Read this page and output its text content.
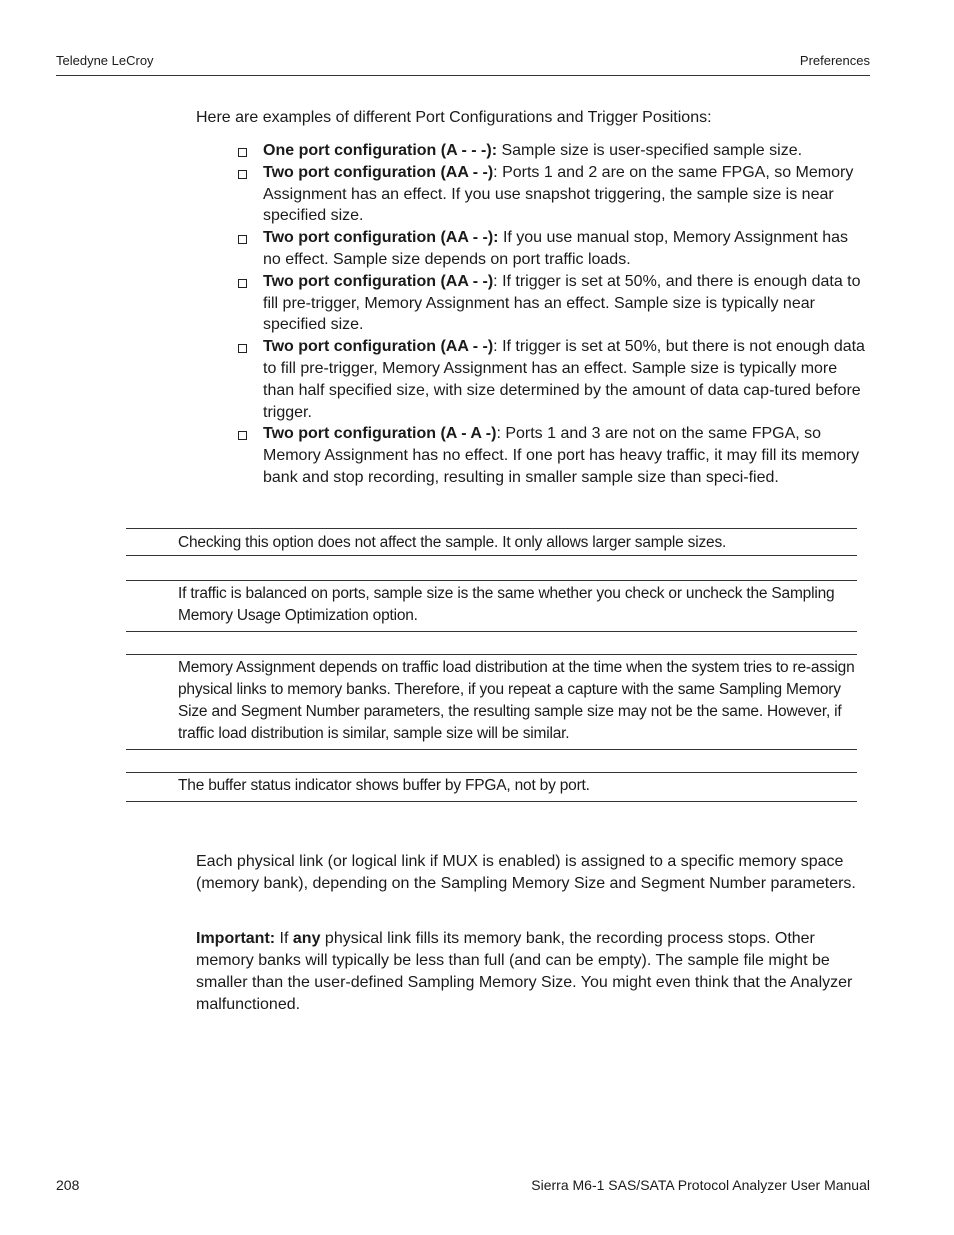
Teledyne LeCroy	Preferences

Here are examples of different Port Configurations and Trigger Positions:

One port configuration (A - - -): Sample size is user-specified sample size.
Two port configuration (AA - -): Ports 1 and 2 are on the same FPGA, so Memory Assignment has an effect. If you use snapshot triggering, the sample size is near specified size.
Two port configuration (AA - -): If you use manual stop, Memory Assignment has no effect. Sample size depends on port traffic loads.
Two port configuration (AA - -): If trigger is set at 50%, and there is enough data to fill pre-trigger, Memory Assignment has an effect. Sample size is typically near specified size.
Two port configuration (AA - -): If trigger is set at 50%, but there is not enough data to fill pre-trigger, Memory Assignment has an effect. Sample size is typically more than half specified size, with size determined by the amount of data cap-tured before trigger.
Two port configuration (A - A -): Ports 1 and 3 are not on the same FPGA, so Memory Assignment has no effect. If one port has heavy traffic, it may fill its memory bank and stop recording, resulting in smaller sample size than speci-fied.
Checking this option does not affect the sample. It only allows larger sample sizes.
If traffic is balanced on ports, sample size is the same whether you check or uncheck the Sampling Memory Usage Optimization option.
Memory Assignment depends on traffic load distribution at the time when the system tries to re-assign physical links to memory banks. Therefore, if you repeat a capture with the same Sampling Memory Size and Segment Number parameters, the resulting sample size may not be the same. However, if traffic load distribution is similar, sample size will be similar.
The buffer status indicator shows buffer by FPGA, not by port.

Each physical link (or logical link if MUX is enabled) is assigned to a specific memory space (memory bank), depending on the Sampling Memory Size and Segment Number parameters.

Important: If any physical link fills its memory bank, the recording process stops. Other memory banks will typically be less than full (and can be empty). The sample file might be smaller than the user-defined Sampling Memory Size. You might even think that the Analyzer malfunctioned.

208	Sierra M6-1 SAS/SATA Protocol Analyzer User Manual
